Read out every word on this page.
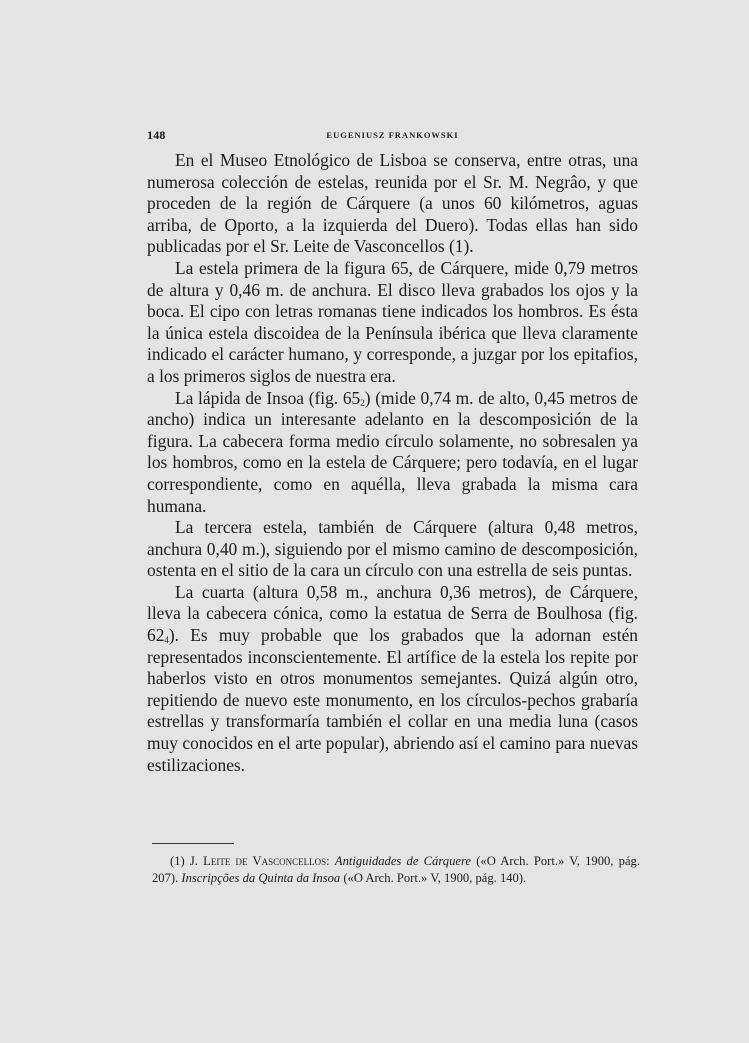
148	EUGENIUSZ FRANKOWSKI

En el Museo Etnológico de Lisboa se conserva, entre otras, una numerosa colección de estelas, reunida por el Sr. M. Negrâo, y que proceden de la región de Cárquere (a unos 60 kilómetros, aguas arriba, de Oporto, a la izquierda del Duero). Todas ellas han sido publicadas por el Sr. Leite de Vasconcellos (1).

La estela primera de la figura 65, de Cárquere, mide 0,79 metros de altura y 0,46 m. de anchura. El disco lleva grabados los ojos y la boca. El cipo con letras romanas tiene indicados los hombros. Es ésta la única estela discoidea de la Península ibérica que lleva claramente indicado el carácter humano, y corresponde, a juzgar por los epitafios, a los primeros siglos de nuestra era.

La lápida de Insoa (fig. $65_2$) (mide 0,74 m. de alto, 0,45 metros de ancho) indica un interesante adelanto en la descomposición de la figura. La cabecera forma medio círculo solamente, no sobresalen ya los hombros, como en la estela de Cárquere; pero todavía, en el lugar correspondiente, como en aquélla, lleva grabada la misma cara humana.

La tercera estela, también de Cárquere (altura 0,48 metros, anchura 0,40 m.), siguiendo por el mismo camino de descomposición, ostenta en el sitio de la cara un círculo con una estrella de seis puntas.

La cuarta (altura 0,58 m., anchura 0,36 metros), de Cárquere, lleva la cabecera cónica, como la estatua de Serra de Boulhosa (fig. $62_4$). Es muy probable que los grabados que la adornan estén representados inconscientemente. El artífice de la estela los repite por haberlos visto en otros monumentos semejantes. Quizá algún otro, repitiendo de nuevo este monumento, en los círculos-pechos grabaría estrellas y transformaría también el collar en una media luna (casos muy conocidos en el arte popular), abriendo así el camino para nuevas estilizaciones.

(1) J. Leite de Vasconcellos: Antiguidades de Cárquere («O Arch. Port.» V, 1900, pág. 207). Inscripções da Quinta da Insoa («O Arch. Port.» V, 1900, pág. 140).
